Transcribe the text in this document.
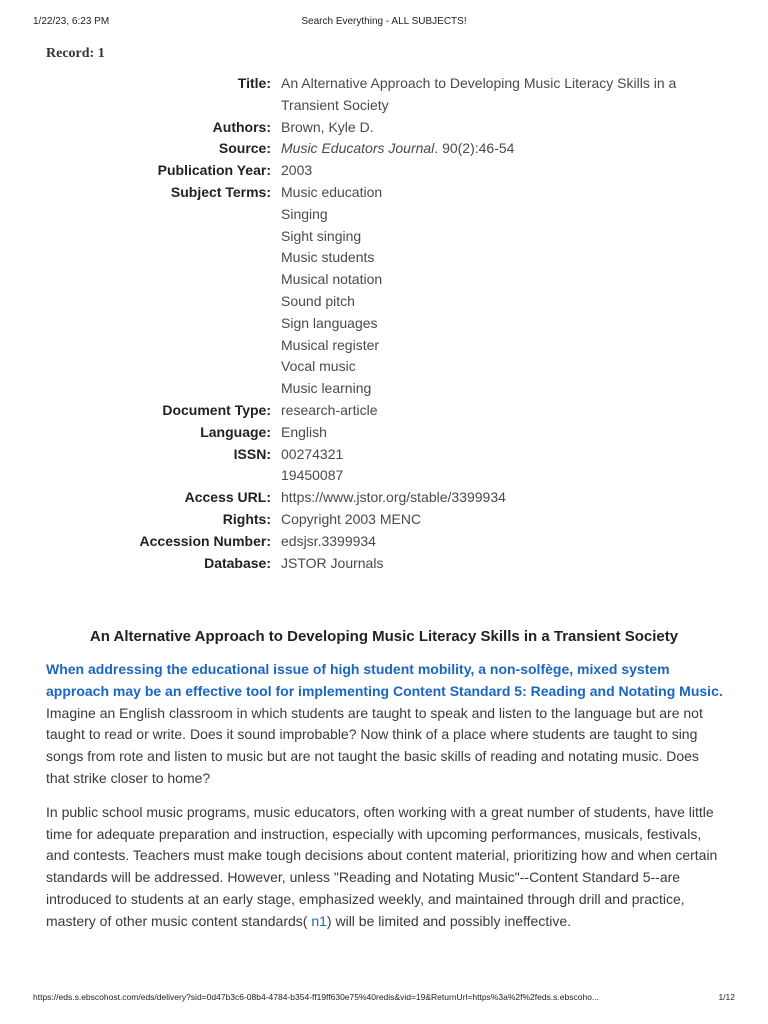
1/22/23, 6:23 PM	Search Everything - ALL SUBJECTS!
Record: 1
Title: An Alternative Approach to Developing Music Literacy Skills in a Transient Society
Authors: Brown, Kyle D.
Source: Music Educators Journal. 90(2):46-54
Publication Year: 2003
Subject Terms: Music education
Singing
Sight singing
Music students
Musical notation
Sound pitch
Sign languages
Musical register
Vocal music
Music learning
Document Type: research-article
Language: English
ISSN: 00274321
19450087
Access URL: https://www.jstor.org/stable/3399934
Rights: Copyright 2003 MENC
Accession Number: edsjsr.3399934
Database: JSTOR Journals
An Alternative Approach to Developing Music Literacy Skills in a Transient Society

When addressing the educational issue of high student mobility, a non-solfège, mixed system approach may be an effective tool for implementing Content Standard 5: Reading and Notating Music. Imagine an English classroom in which students are taught to speak and listen to the language but are not taught to read or write. Does it sound improbable? Now think of a place where students are taught to sing songs from rote and listen to music but are not taught the basic skills of reading and notating music. Does that strike closer to home?

In public school music programs, music educators, often working with a great number of students, have little time for adequate preparation and instruction, especially with upcoming performances, musicals, festivals, and contests. Teachers must make tough decisions about content material, prioritizing how and when certain standards will be addressed. However, unless "Reading and Notating Music"--Content Standard 5--are introduced to students at an early stage, emphasized weekly, and maintained through drill and practice, mastery of other music content standards( n1) will be limited and possibly ineffective.

https://eds.s.ebscohost.com/eds/delivery?sid=0d47b3c6-08b4-4784-b354-ff19ff630e75%40redis&vid=19&ReturnUrl=https%3a%2f%2feds.s.ebscoho...	1/12
